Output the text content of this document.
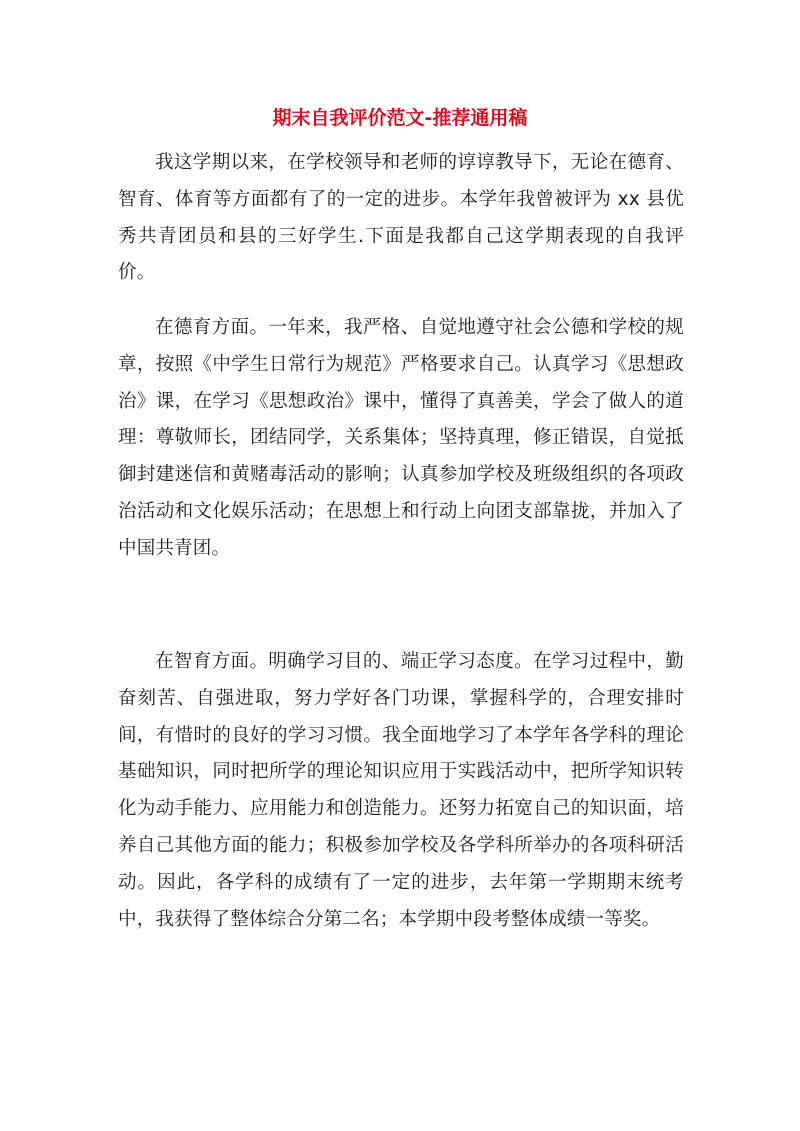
期末自我评价范文-推荐通用稿

我这学期以来，在学校领导和老师的谆谆教导下，无论在德育、智育、体育等方面都有了的一定的进步。本学年我曾被评为 xx 县优秀共青团员和县的三好学生.下面是我都自己这学期表现的自我评价。

在德育方面。一年来，我严格、自觉地遵守社会公德和学校的规章，按照《中学生日常行为规范》严格要求自己。认真学习《思想政治》课，在学习《思想政治》课中，懂得了真善美，学会了做人的道理：尊敬师长，团结同学，关系集体；坚持真理，修正错误，自觉抵御封建迷信和黄赌毒活动的影响；认真参加学校及班级组织的各项政治活动和文化娱乐活动；在思想上和行动上向团支部靠拢，并加入了中国共青团。

在智育方面。明确学习目的、端正学习态度。在学习过程中，勤奋刻苦、自强进取，努力学好各门功课，掌握科学的，合理安排时间，有惜时的良好的学习习惯。我全面地学习了本学年各学科的理论基础知识，同时把所学的理论知识应用于实践活动中，把所学知识转化为动手能力、应用能力和创造能力。还努力拓宽自己的知识面，培养自己其他方面的能力；积极参加学校及各学科所举办的各项科研活动。因此，各学科的成绩有了一定的进步，去年第一学期期末统考中，我获得了整体综合分第二名；本学期中段考整体成绩一等奖。
